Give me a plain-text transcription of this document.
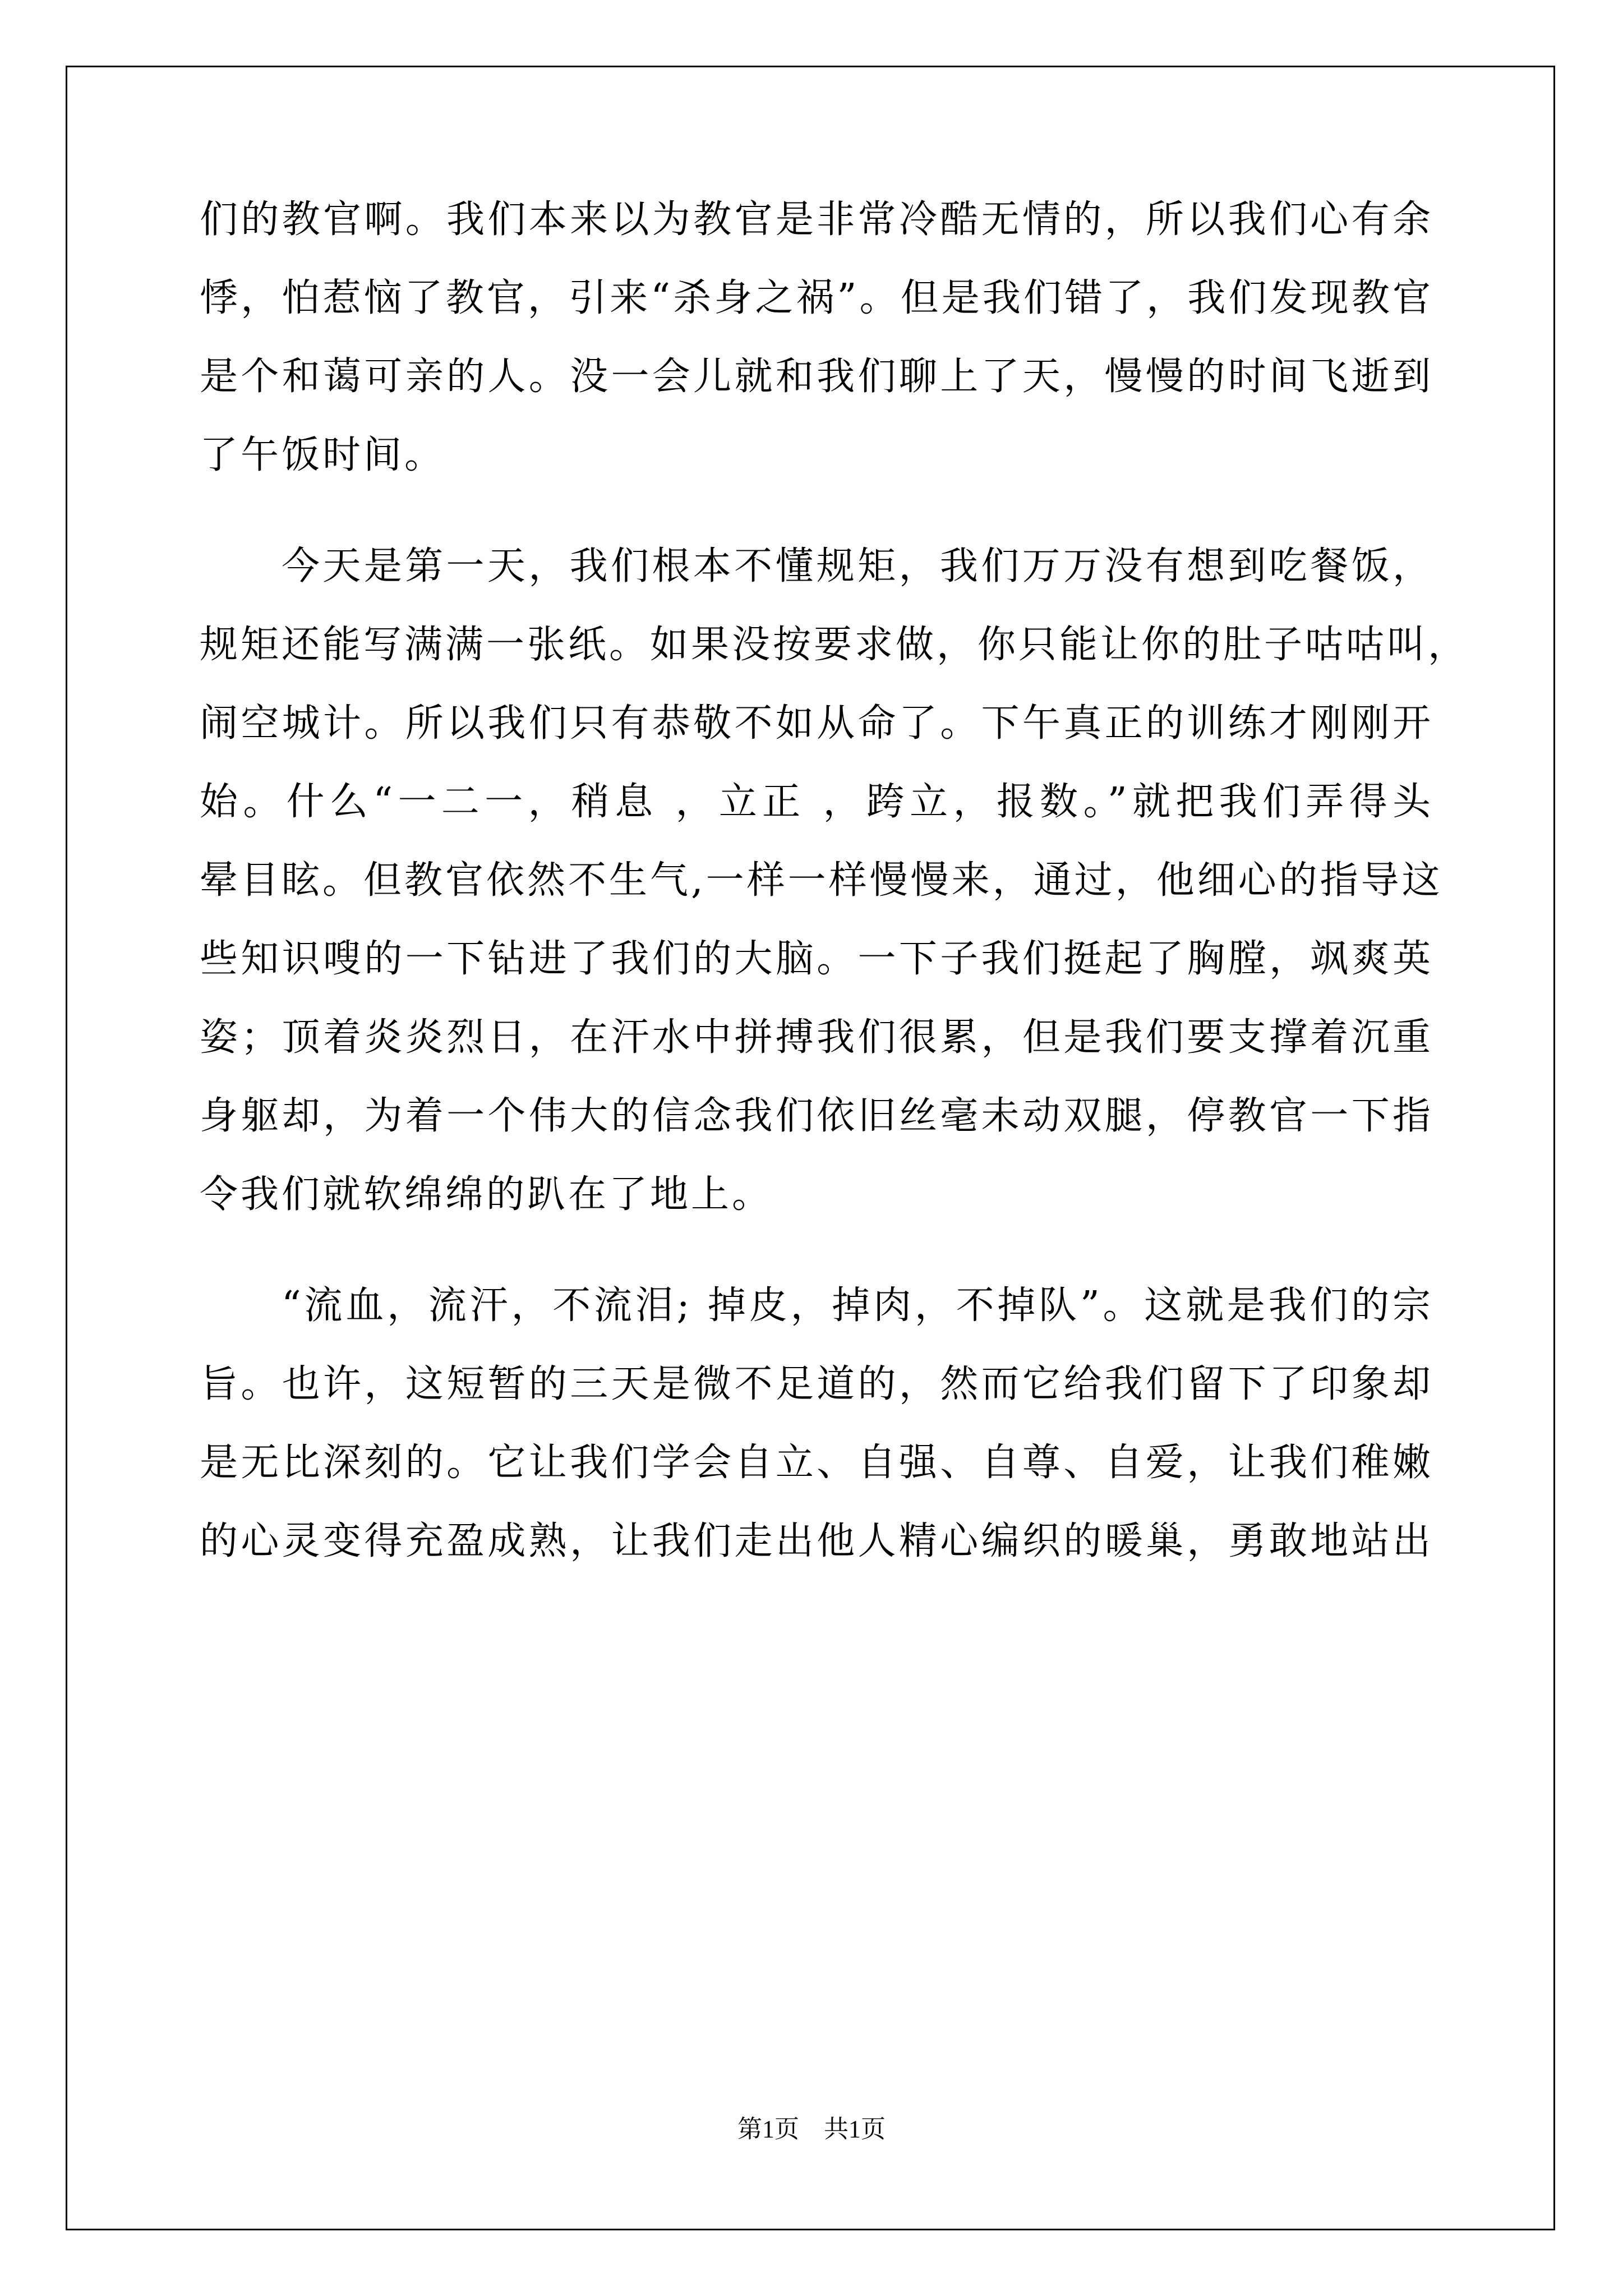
们的教官啊。我们本来以为教官是非常冷酷无情的，所以我们心有余
悸，怕惹恼了教官，引来“杀身之祸”。但是我们错了，我们发现教官
是个和蔼可亲的人。没一会儿就和我们聊上了天，慢慢的时间飞逝到
了午饭时间。
今天是第一天，我们根本不懂规矩，我们万万没有想到吃餐饭，
规矩还能写满满一张纸。如果没按要求做，你只能让你的肚子咕咕叫，
闹空城计。所以我们只有恭敬不如从命了。下午真正的训练才刚刚开
始。什么“一二一，稍息 ，立正 ，跨立，报数。”就把我们弄得头
晕目眩。但教官依然不生气,一样一样慢慢来，通过，他细心的指导这
些知识嗖的一下钻进了我们的大脑。一下子我们挺起了胸膛，飒爽英
姿；顶着炎炎烈日，在汗水中拼搏我们很累，但是我们要支撑着沉重
身躯却，为着一个伟大的信念我们依旧丝毫未动双腿，停教官一下指
令我们就软绵绵的趴在了地上。
“流血，流汗，不流泪; 掉皮，掉肉，不掉队”。这就是我们的宗
旨。也许，这短暂的三天是微不足道的，然而它给我们留下了印象却
是无比深刻的。它让我们学会自立、自强、自尊、自爱，让我们稚嫩
的心灵变得充盈成熟，让我们走出他人精心编织的暖巢，勇敢地站出
第1页　共1页
